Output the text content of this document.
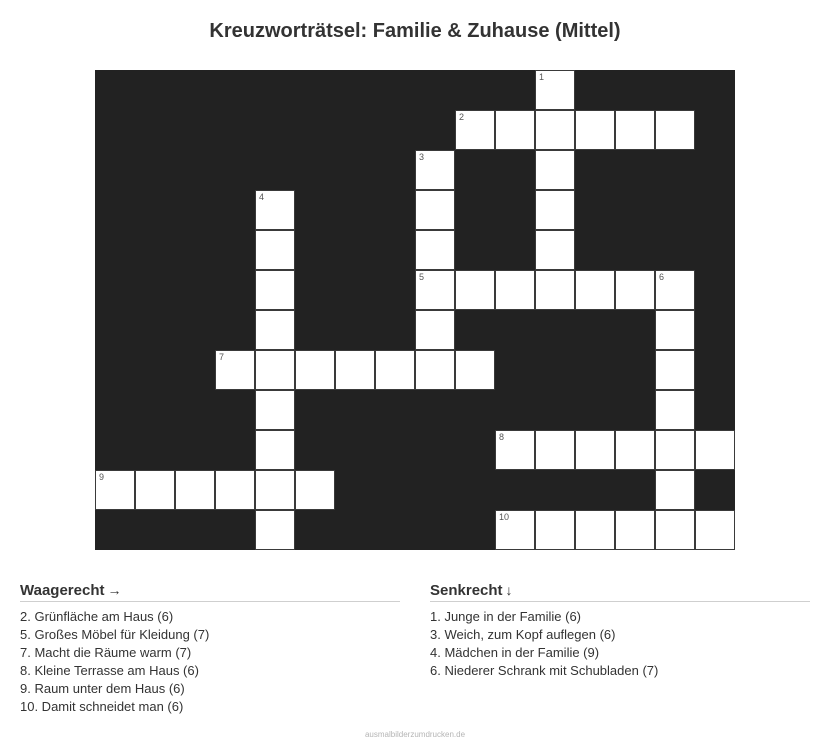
Kreuzworträtsel: Familie & Zuhause (Mittel)
1
2
3
4
5	6
7
8
9
10
Waagerecht →
2. Grünfläche am Haus (6)
5. Großes Möbel für Kleidung (7)
7. Macht die Räume warm (7)
8. Kleine Terrasse am Haus (6)
9. Raum unter dem Haus (6)
10. Damit schneidet man (6)
Senkrecht ↓
1. Junge in der Familie (6)
3. Weich, zum Kopf auflegen (6)
4. Mädchen in der Familie (9)
6. Niederer Schrank mit Schubladen (7)
ausmalbilderzumdrucken.de
